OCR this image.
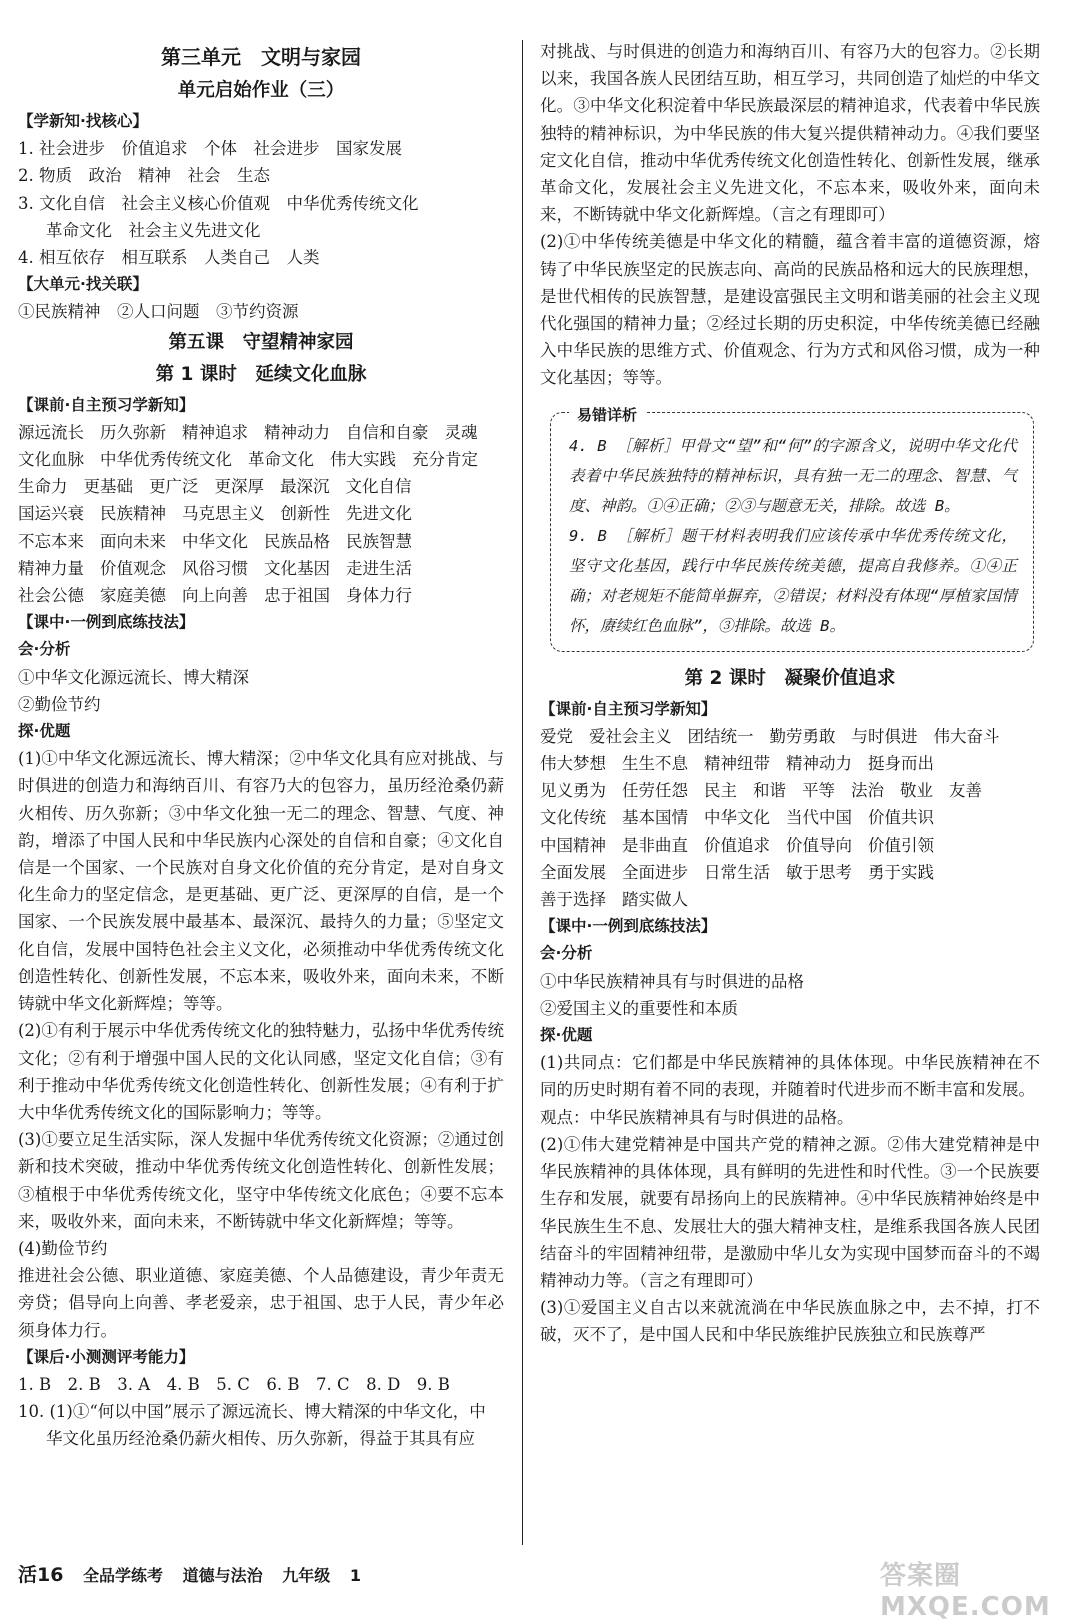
第三单元　文明与家园
单元启始作业（三）
【学新知·找核心】
1. 社会进步　价值追求　个体　社会进步　国家发展
2. 物质　政治　精神　社会　生态
3. 文化自信　社会主义核心价值观　中华优秀传统文化
革命文化　社会主义先进文化
4. 相互依存　相互联系　人类自己　人类
【大单元·找关联】
①民族精神　②人口问题　③节约资源
第五课　守望精神家园
第 1 课时　延续文化血脉
【课前·自主预习学新知】
源远流长 历久弥新 精神追求 精神动力 自信和自豪 灵魂
文化血脉 中华优秀传统文化 革命文化 伟大实践 充分肯定
生命力 更基础 更广泛 更深厚 最深沉 文化自信
国运兴衰 民族精神 马克思主义 创新性 先进文化
不忘本来 面向未来 中华文化 民族品格 民族智慧
精神力量 价值观念 风俗习惯 文化基因 走进生活
社会公德 家庭美德 向上向善 忠于祖国 身体力行
【课中·一例到底练技法】
会·分析
①中华文化源远流长、博大精深
②勤俭节约
探·优题

(1)①中华文化源远流长、博大精深；②中华文化具有应对挑战、与时俱进的创造力和海纳百川、有容乃大的包容力，虽历经沧桑仍薪火相传、历久弥新；③中华文化独一无二的理念、智慧、气度、神韵，增添了中国人民和中华民族内心深处的自信和自豪；④文化自信是一个国家、一个民族对自身文化价值的充分肯定，是对自身文化生命力的坚定信念，是更基础、更广泛、更深厚的自信，是一个国家、一个民族发展中最基本、最深沉、最持久的力量；⑤坚定文化自信，发展中国特色社会主义文化，必须推动中华优秀传统文化创造性转化、创新性发展，不忘本来，吸收外来，面向未来，不断铸就中华文化新辉煌；等等。

(2)①有利于展示中华优秀传统文化的独特魅力，弘扬中华优秀传统文化；②有利于增强中国人民的文化认同感，坚定文化自信；③有利于推动中华优秀传统文化创造性转化、创新性发展；④有利于扩大中华优秀传统文化的国际影响力；等等。

(3)①要立足生活实际，深人发掘中华优秀传统文化资源；②通过创新和技术突破，推动中华优秀传统文化创造性转化、创新性发展；③植根于中华优秀传统文化，坚守中华传统文化底色；④要不忘本来，吸收外来，面向未来，不断铸就中华文化新辉煌；等等。

(4)勤俭节约

推进社会公德、职业道德、家庭美德、个人品德建设，青少年责无旁贷；倡导向上向善、孝老爱亲，忠于祖国、忠于人民，青少年必须身体力行。

【课后·小测测评考能力】
1. B　2. B　3. A　4. B　5. C　6. B　7. C　8. D　9. B
10. (1)①“何以中国”展示了源远流长、博大精深的中华文化，中
华文化虽历经沧桑仍薪火相传、历久弥新，得益于其具有应

对挑战、与时俱进的创造力和海纳百川、有容乃大的包容力。②长期以来，我国各族人民团结互助，相互学习，共同创造了灿烂的中华文化。③中华文化积淀着中华民族最深层的精神追求，代表着中华民族独特的精神标识，为中华民族的伟大复兴提供精神动力。④我们要坚定文化自信，推动中华优秀传统文化创造性转化、创新性发展，继承革命文化，发展社会主义先进文化，不忘本来，吸收外来，面向未来，不断铸就中华文化新辉煌。（言之有理即可）

(2)①中华传统美德是中华文化的精髓，蕴含着丰富的道德资源，熔铸了中华民族坚定的民族志向、高尚的民族品格和远大的民族理想，是世代相传的民族智慧，是建设富强民主文明和谐美丽的社会主义现代化强国的精神力量；②经过长期的历史积淀，中华传统美德已经融入中华民族的思维方式、价值观念、行为方式和风俗习惯，成为一种文化基因；等等。

易错详析

4. B ［解析］甲骨文“望”和“何”的字源含义，说明中华文化代表着中华民族独特的精神标识，具有独一无二的理念、智慧、气度、神韵。①④正确；②③与题意无关，排除。故选 B。

9. B ［解析］题干材料表明我们应该传承中华优秀传统文化，坚守文化基因，践行中华民族传统美德，提高自我修养。①④正确；对老规矩不能简单摒弃，②错误；材料没有体现“厚植家国情怀，赓续红色血脉”，③排除。故选 B。

第 2 课时　凝聚价值追求
【课前·自主预习学新知】
爱党 爱社会主义 团结统一 勤劳勇敢 与时俱进 伟大奋斗
伟大梦想 生生不息 精神纽带 精神动力 挺身而出
见义勇为 任劳任怨 民主 和谐 平等 法治 敬业 友善
文化传统 基本国情 中华文化 当代中国 价值共识
中国精神 是非曲直 价值追求 价值导向 价值引领
全面发展 全面进步 日常生活 敏于思考 勇于实践
善于选择 踏实做人
【课中·一例到底练技法】
会·分析
①中华民族精神具有与时俱进的品格
②爱国主义的重要性和本质
探·优题

(1)共同点：它们都是中华民族精神的具体体现。中华民族精神在不同的历史时期有着不同的表现，并随着时代进步而不断丰富和发展。

观点：中华民族精神具有与时俱进的品格。

(2)①伟大建党精神是中国共产党的精神之源。②伟大建党精神是中华民族精神的具体体现，具有鲜明的先进性和时代性。③一个民族要生存和发展，就要有昂扬向上的民族精神。④中华民族精神始终是中华民族生生不息、发展壮大的强大精神支柱，是维系我国各族人民团结奋斗的牢固精神纽带，是激励中华儿女为实现中国梦而奋斗的不竭精神动力等。（言之有理即可）

(3)①爱国主义自古以来就流淌在中华民族血脉之中，去不掉，打不破，灭不了，是中国人民和中华民族维护民族独立和民族尊严

活16 全品学练考 道德与法治 九年级 1	答案圈 MXQE.COM
